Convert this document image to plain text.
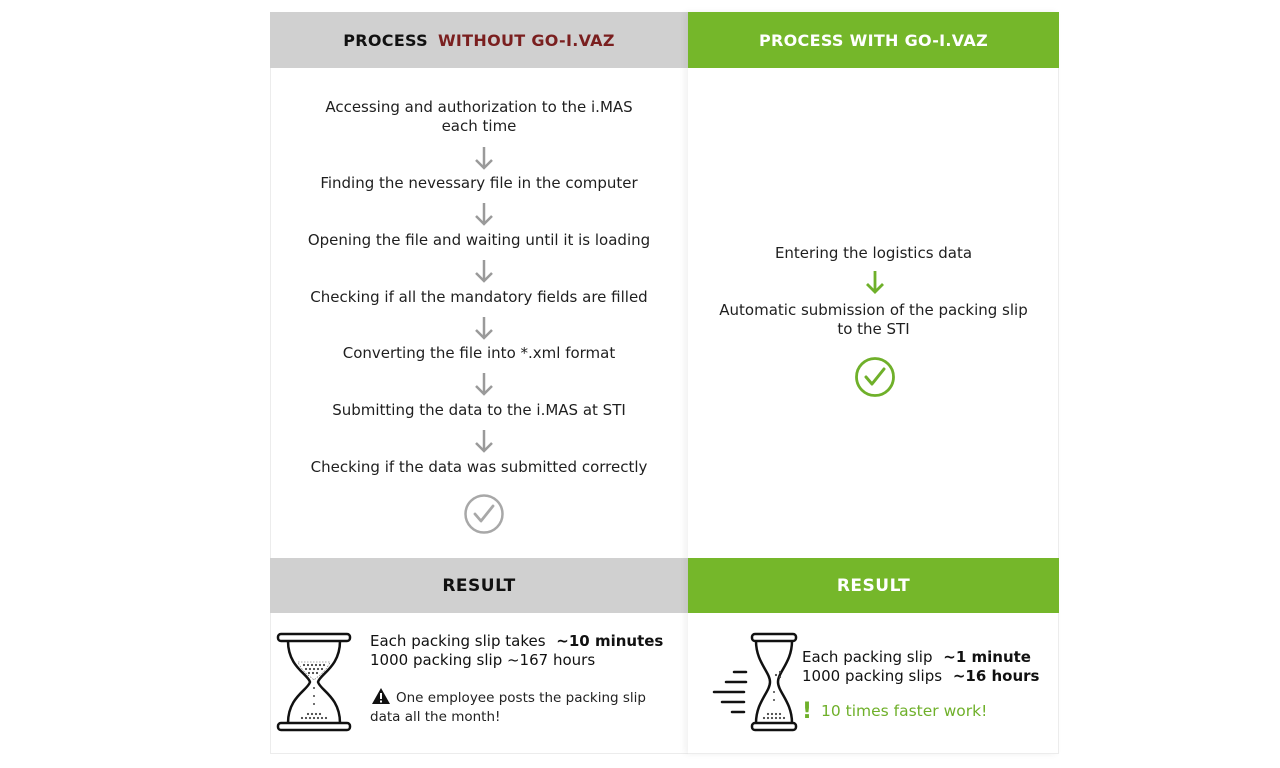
PROCESS WITHOUT GO-I.VAZ
Accessing and authorization to the i.MAS
each time
Finding the nevessary file in the computer
Opening the file and waiting until it is loading
Checking if all the mandatory fields are filled
Converting the file into *.xml format
Submitting the data to the i.MAS at STI
Checking if the data was submitted correctly
RESULT
Each packing slip takes ~10 minutes
1000 packing slip ~167 hours
One employee posts the packing slip
data all the month!
PROCESS WITH GO-I.VAZ
Entering the logistics data
Automatic submission of the packing slip
to the STI
RESULT
Each packing slip ~1 minute
1000 packing slips ~16 hours
! 10 times faster work!
